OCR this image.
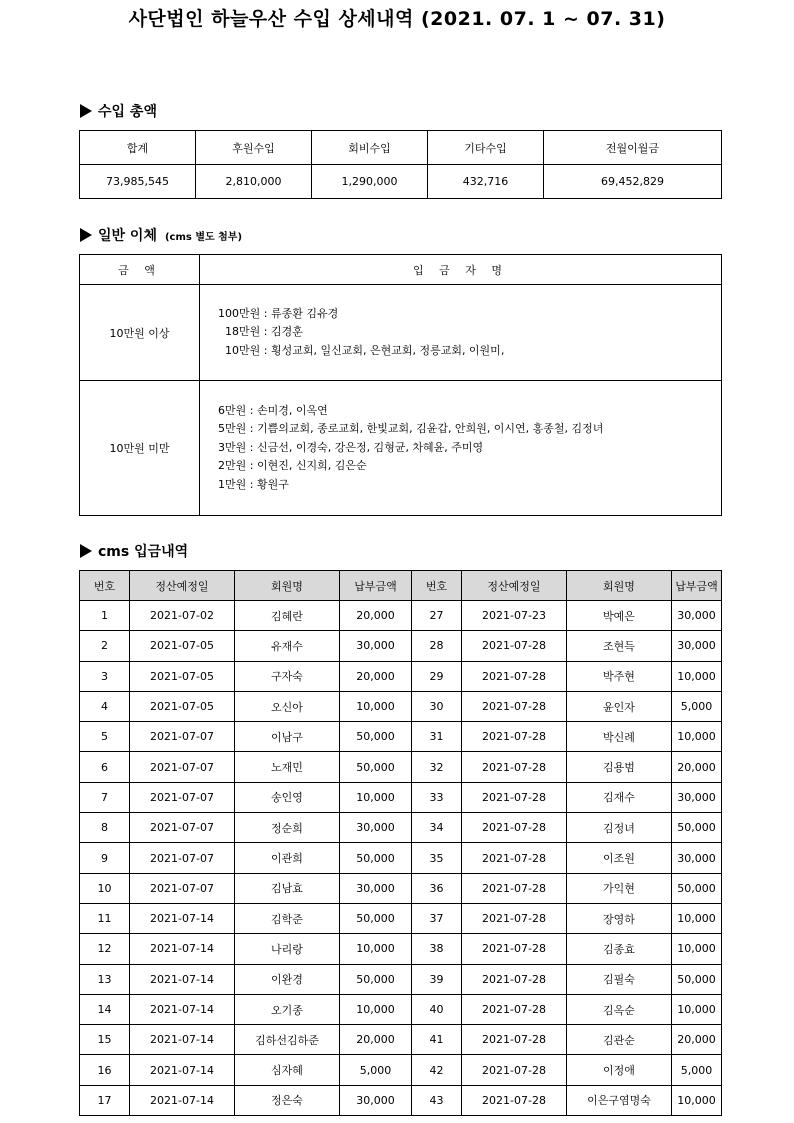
사단법인 하늘우산 수입 상세내역 (2021. 07. 1 ~ 07. 31)
수입 총액
합계	후원수입	회비수입	기타수입	전월이월금
73,985,545	2,810,000	1,290,000	432,716	69,452,829
일반 이체 (cms 별도 첨부)
금 액	입 금 자 명
10만원 이상	100만원 : 류종환 김유경
18만원 : 김경훈
10만원 : 횡성교회, 일신교회, 은현교회, 정릉교회, 이원미,

10만원 미만	6만원 : 손미경, 이옥연
5만원 : 기쁨의교회, 종로교회, 한빛교회, 김윤갑, 안희원, 이시연, 홍종철, 김정녀
3만원 : 신금선, 이경숙, 강은정, 김형균, 차혜윤, 주미영
2만원 : 이현진, 신지희, 김은순
1만원 : 황원구
cms 입금내역
번호	정산예정일	회원명	납부금액	번호	정산예정일	회원명	납부금액
1	2021-07-02	김혜란	20,000	27	2021-07-23	박예은	30,000
2	2021-07-05	유재수	30,000	28	2021-07-28	조현득	30,000
3	2021-07-05	구자숙	20,000	29	2021-07-28	박주현	10,000
4	2021-07-05	오신아	10,000	30	2021-07-28	윤인자	5,000
5	2021-07-07	이남구	50,000	31	2021-07-28	박신례	10,000
6	2021-07-07	노재민	50,000	32	2021-07-28	김용범	20,000
7	2021-07-07	송인영	10,000	33	2021-07-28	김재수	30,000
8	2021-07-07	정순희	30,000	34	2021-07-28	김정녀	50,000
9	2021-07-07	이관희	50,000	35	2021-07-28	이조원	30,000
10	2021-07-07	김남효	30,000	36	2021-07-28	가익현	50,000
11	2021-07-14	김학준	50,000	37	2021-07-28	장영하	10,000
12	2021-07-14	나리랑	10,000	38	2021-07-28	김종효	10,000
13	2021-07-14	이완경	50,000	39	2021-07-28	김필숙	50,000
14	2021-07-14	오기종	10,000	40	2021-07-28	김옥순	10,000
15	2021-07-14	김하선김하준	20,000	41	2021-07-28	김관순	20,000
16	2021-07-14	심자혜	5,000	42	2021-07-28	이정애	5,000
17	2021-07-14	정은숙	30,000	43	2021-07-28	이은구염명숙	10,000
